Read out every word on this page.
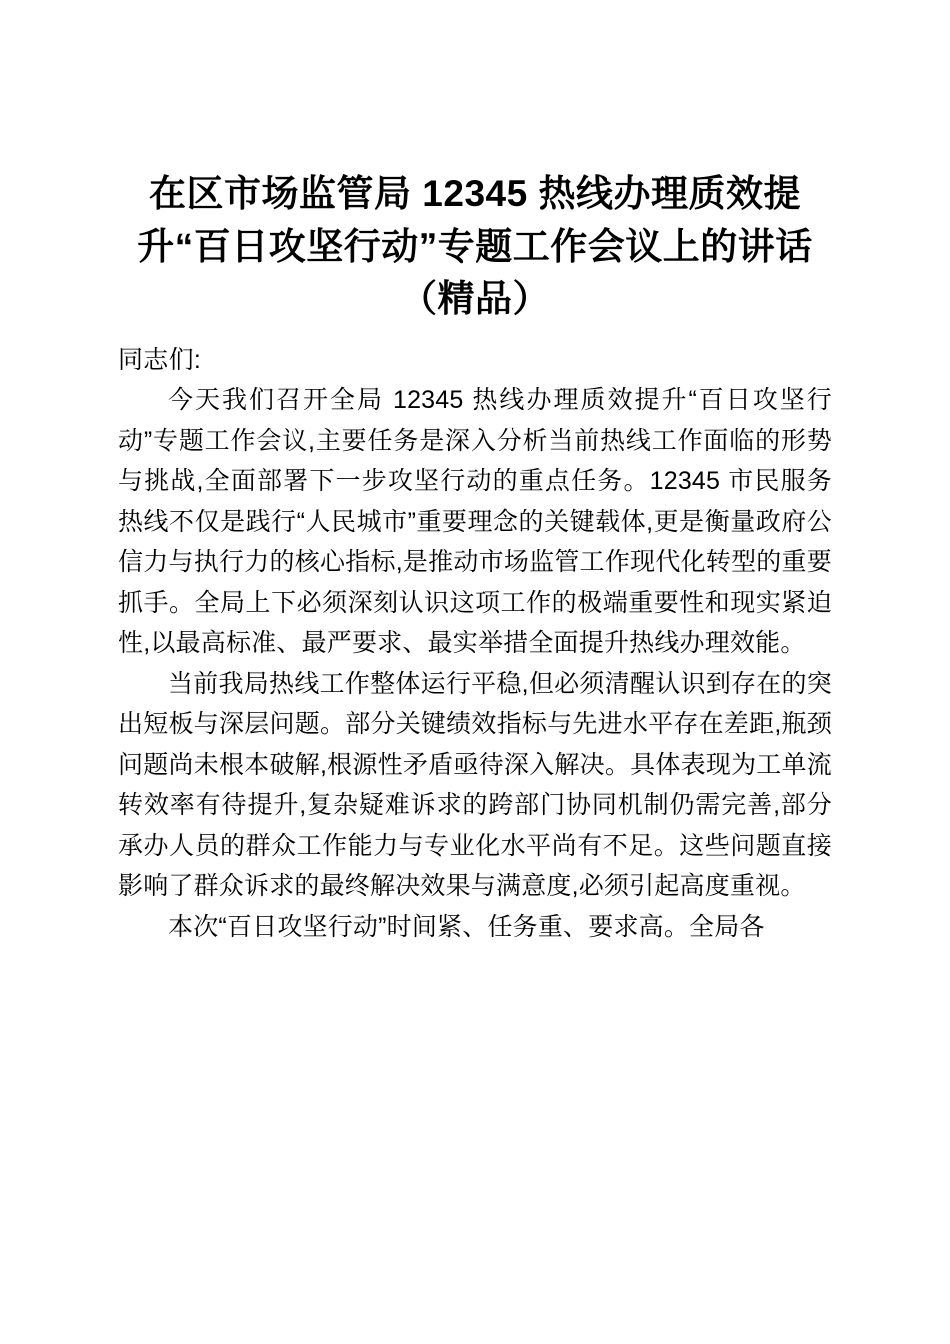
在区市场监管局 12345 热线办理质效提升“百日攻坚行动”专题工作会议上的讲话（精品）

同志们:

今天我们召开全局 12345 热线办理质效提升“百日攻坚行动”专题工作会议,主要任务是深入分析当前热线工作面临的形势与挑战,全面部署下一步攻坚行动的重点任务。12345 市民服务热线不仅是践行“人民城市”重要理念的关键载体,更是衡量政府公信力与执行力的核心指标,是推动市场监管工作现代化转型的重要抓手。全局上下必须深刻认识这项工作的极端重要性和现实紧迫性,以最高标准、最严要求、最实举措全面提升热线办理效能。

当前我局热线工作整体运行平稳,但必须清醒认识到存在的突出短板与深层问题。部分关键绩效指标与先进水平存在差距,瓶颈问题尚未根本破解,根源性矛盾亟待深入解决。具体表现为工单流转效率有待提升,复杂疑难诉求的跨部门协同机制仍需完善,部分承办人员的群众工作能力与专业化水平尚有不足。这些问题直接影响了群众诉求的最终解决效果与满意度,必须引起高度重视。

本次“百日攻坚行动”时间紧、任务重、要求高。全局各
